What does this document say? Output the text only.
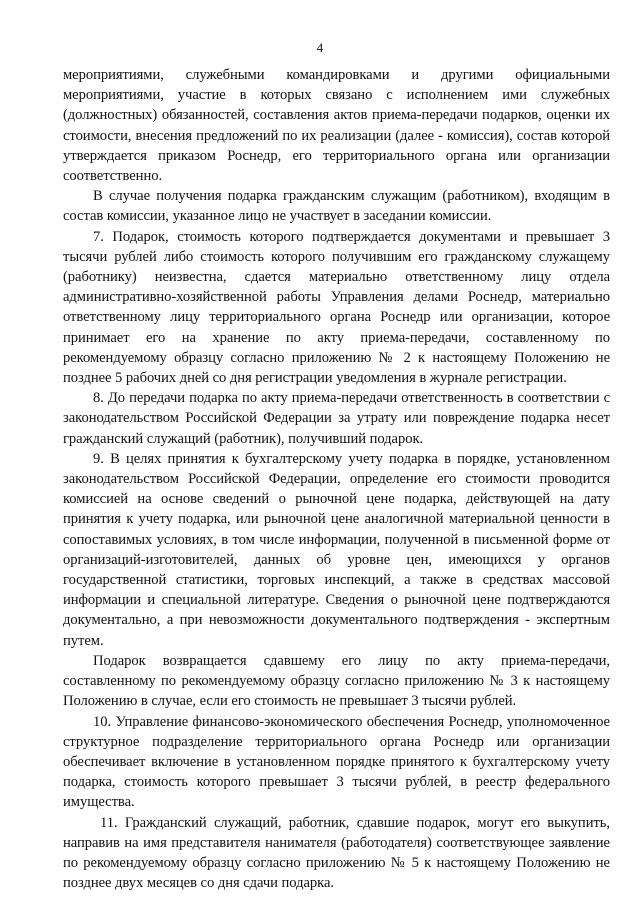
4

мероприятиями, служебными командировками и другими официальными мероприятиями, участие в которых связано с исполнением ими служебных (должностных) обязанностей, составления актов приема-передачи подарков, оценки их стоимости, внесения предложений по их реализации (далее - комиссия), состав которой утверждается приказом Роснедр, его территориального органа или организации соответственно.

В случае получения подарка гражданским служащим (работником), входящим в состав комиссии, указанное лицо не участвует в заседании комиссии.

7. Подарок, стоимость которого подтверждается документами и превышает 3 тысячи рублей либо стоимость которого получившим его гражданскому служащему (работнику) неизвестна, сдается материально ответственному лицу отдела административно-хозяйственной работы Управления делами Роснедр, материально ответственному лицу территориального органа Роснедр или организации, которое принимает его на хранение по акту приема-передачи, составленному по рекомендуемому образцу согласно приложению № 2 к настоящему Положению не позднее 5 рабочих дней со дня регистрации уведомления в журнале регистрации.

8. До передачи подарка по акту приема-передачи ответственность в соответствии с законодательством Российской Федерации за утрату или повреждение подарка несет гражданский служащий (работник), получивший подарок.

9. В целях принятия к бухгалтерскому учету подарка в порядке, установленном законодательством Российской Федерации, определение его стоимости проводится комиссией на основе сведений о рыночной цене подарка, действующей на дату принятия к учету подарка, или рыночной цене аналогичной материальной ценности в сопоставимых условиях, в том числе информации, полученной в письменной форме от организаций-изготовителей, данных об уровне цен, имеющихся у органов государственной статистики, торговых инспекций, а также в средствах массовой информации и специальной литературе. Сведения о рыночной цене подтверждаются документально, а при невозможности документального подтверждения - экспертным путем.

Подарок возвращается сдавшему его лицу по акту приема-передачи, составленному по рекомендуемому образцу согласно приложению № 3 к настоящему Положению в случае, если его стоимость не превышает 3 тысячи рублей.

10. Управление финансово-экономического обеспечения Роснедр, уполномоченное структурное подразделение территориального органа Роснедр или организации обеспечивает включение в установленном порядке принятого к бухгалтерскому учету подарка, стоимость которого превышает 3 тысячи рублей, в реестр федерального имущества.

11. Гражданский служащий, работник, сдавшие подарок, могут его выкупить, направив на имя представителя нанимателя (работодателя) соответствующее заявление по рекомендуемому образцу согласно приложению № 5 к настоящему Положению не позднее двух месяцев со дня сдачи подарка.
